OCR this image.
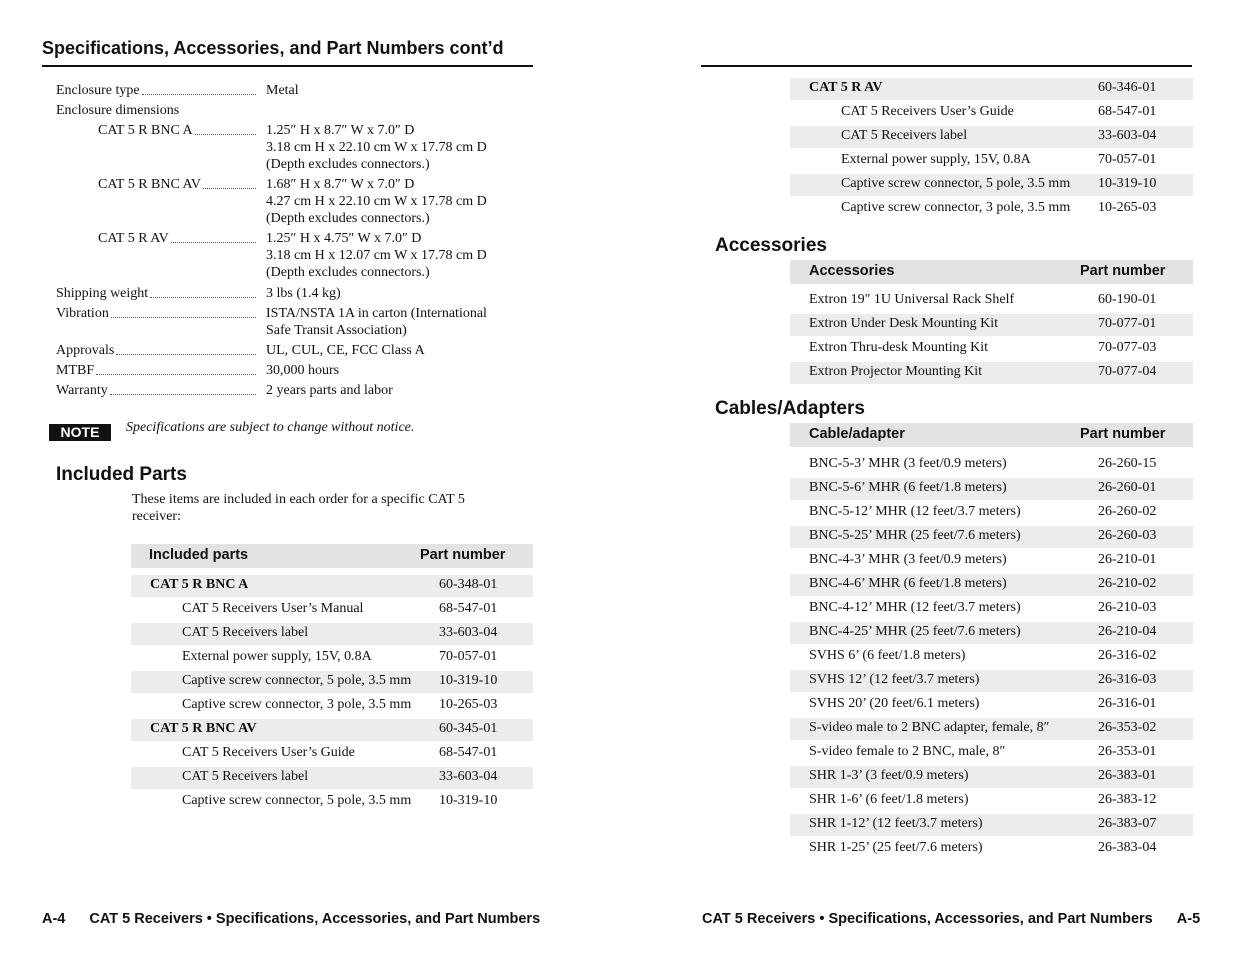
Specifications, Accessories, and Part Numbers cont’d
Enclosure type	Metal
Enclosure dimensions
CAT 5 R BNC A	1.25″ H x 8.7″ W x 7.0″ D
3.18 cm H x 22.10 cm W x 17.78 cm D
(Depth excludes connectors.)
CAT 5 R BNC AV	1.68″ H x 8.7″ W x 7.0″ D
4.27 cm H x 22.10 cm W x 17.78 cm D
(Depth excludes connectors.)
CAT 5 R AV	1.25″ H x 4.75″ W x 7.0″ D
3.18 cm H x 12.07 cm W x 17.78 cm D
(Depth excludes connectors.)
Shipping weight	3 lbs (1.4 kg)
Vibration	ISTA/NSTA 1A in carton (International
Safe Transit Association)
Approvals	UL, CUL, CE, FCC Class A
MTBF	30,000 hours
Warranty	2 years parts and labor
NOTE	Specifications are subject to change without notice.
Included Parts
These items are included in each order for a specific CAT 5
receiver:
Included parts	Part number
CAT 5 R BNC A	60-348-01
CAT 5 Receivers User’s Manual	68-547-01
CAT 5 Receivers label	33-603-04
External power supply, 15V, 0.8A	70-057-01
Captive screw connector, 5 pole, 3.5 mm 10-319-10
Captive screw connector, 3 pole, 3.5 mm 10-265-03
CAT 5 R BNC AV	60-345-01
CAT 5 Receivers User’s Guide	68-547-01
CAT 5 Receivers label	33-603-04
Captive screw connector, 5 pole, 3.5 mm 10-319-10
A-4 CAT 5 Receivers • Specifications, Accessories, and Part Numbers
CAT 5 R AV	60-346-01
CAT 5 Receivers User’s Guide	68-547-01
CAT 5 Receivers label	33-603-04
External power supply, 15V, 0.8A	70-057-01
Captive screw connector, 5 pole, 3.5 mm 10-319-10
Captive screw connector, 3 pole, 3.5 mm 10-265-03
Accessories
Accessories	Part number
Extron 19" 1U Universal Rack Shelf	60-190-01
Extron Under Desk Mounting Kit	70-077-01
Extron Thru-desk Mounting Kit	70-077-03
Extron Projector Mounting Kit	70-077-04
Cables/Adapters
Cable/adapter	Part number
BNC-5-3’ MHR (3 feet/0.9 meters)	26-260-15
BNC-5-6’ MHR (6 feet/1.8 meters)	26-260-01
BNC-5-12’ MHR (12 feet/3.7 meters)	26-260-02
BNC-5-25’ MHR (25 feet/7.6 meters)	26-260-03
BNC-4-3’ MHR (3 feet/0.9 meters)	26-210-01
BNC-4-6’ MHR (6 feet/1.8 meters)	26-210-02
BNC-4-12’ MHR (12 feet/3.7 meters)	26-210-03
BNC-4-25’ MHR (25 feet/7.6 meters)	26-210-04
SVHS 6’ (6 feet/1.8 meters)	26-316-02
SVHS 12’ (12 feet/3.7 meters)	26-316-03
SVHS 20’ (20 feet/6.1 meters)	26-316-01
S-video male to 2 BNC adapter, female, 8″	26-353-02
S-video female to 2 BNC, male, 8″	26-353-01
SHR 1-3’ (3 feet/0.9 meters)	26-383-01
SHR 1-6’ (6 feet/1.8 meters)	26-383-12
SHR 1-12’ (12 feet/3.7 meters)	26-383-07
SHR 1-25’ (25 feet/7.6 meters)	26-383-04
CAT 5 Receivers • Specifications, Accessories, and Part Numbers A-5
